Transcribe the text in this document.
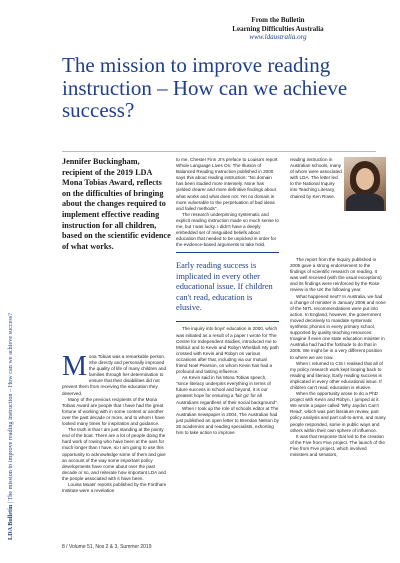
LDA Bulletin | The mission to improve reading instruction – How can we achieve success?
From the Bulletin
Learning Difficulties Australia
www.ldaustralia.org
The mission to improve reading instruction – How can we achieve success?
Jennifer Buckingham, recipient of the 2019 LDA Mona Tobias Award, reflects on the difficulties of bringing about the changes required to implement effective reading instruction for all children, based on the scientific evidence of what works.

Mona Tobias was a remarkable person. She directly and personally improved the quality of life of many children and families through her determination to ensure that their disabilities did not prevent them from receiving the education they deserved.

Many of the previous recipients of the Mona Tobias Award are people that I have had the great fortune of working with in some context or another over the past decade or more, and to whom I have looked many times for inspiration and guidance.

The truth is that I am just standing at the pointy end of the boat. There are a lot of people doing the hard work of rowing who have been at the oars for much longer than I have, so I am going to use this opportunity to acknowledge some of them and give an account of the way some important policy developments have come about over the past decade or so, and reiterate how important LDA and the people associated with it have been.

Louisa Moats' reports published by the Fordham Institute were a revelation

to me. Chester Finn Jr's preface to Louisa's report Whole Language Lives On: The Illusion of Balanced Reading Instruction published in 2000 says this about reading instruction: "No domain has been studied more intensely. None has yielded clearer and more definitive findings about what works and what does not. Yet no domain is more vulnerable to the perpetuation of bad ideas and failed methods".

The research underpinning systematic and explicit reading instruction made so much sense to me, but I was lucky. I didn't have a deeply embedded set of misguided beliefs about education that needed to be unpicked in order for the evidence-based arguments to take hold.

Early reading success is implicated in every other educational issue. If children can't read, education is elusive.

The inquiry into boys' education in 2000, which was initiated as a result of a paper I wrote for The Centre for Independent Studies, introduced me to MultiLit and to Kevin and Robyn Wheldall. My path crossed with Kevin and Robyn on various occasions after that, including via our mutual friend Noel Pearson, on whom Kevin has had a profound and lasting influence.

As Kevin said in his Mona Tobias speech, "since literacy underpins everything in terms of future success in school and beyond, it is our greatest hope for ensuring a 'fair go' for all Australians regardless of their social background".

When I took up the role of schools editor at The Australian newspaper in 2004, The Australian had just published an open letter to Brendan Nelson by 26 academics and reading specialists, exhorting him to take action to improve

reading instruction in Australian schools, many of whom were associated with LDA. The letter led to the National Inquiry into Teaching Literacy, chaired by Ken Rowe.

The report from the Inquiry published in 2005 gave a strong endorsement to the findings of scientific research on reading. It was well received (with the usual exceptions) and its findings were reinforced by the Rose review in the UK the following year.

What happened next? In Australia, we had a change of minister in January 2006 and none of the NITL recommendations were put into action. In England, however, the government moved decisively to mandate systematic synthetic phonics in every primary school, supported by quality teaching resources. Imagine if even one state education minister in Australia had had the fortitude to do that in 2005. We might be in a very different position to where we are now.

When I returned to CIS I realised that all of my policy research work kept looping back to reading and literacy. Early reading success is implicated in every other educational issue. If children can't read, education is elusive.

When the opportunity arose to do a PhD project with Kevin and Robyn, I jumped at it. We wrote a paper called 'Why Jaydon Can't Read', which was part literature review, part policy analysis and part call-to-arms, and many people responded, some in public ways and others within their own sphere of influence.

It was that response that led to the creation of the Five from Five project. The launch of the Five from Five project, which involved ministers and senators,

8 / Volume 51, Nos 2 & 3, Summer 2019
